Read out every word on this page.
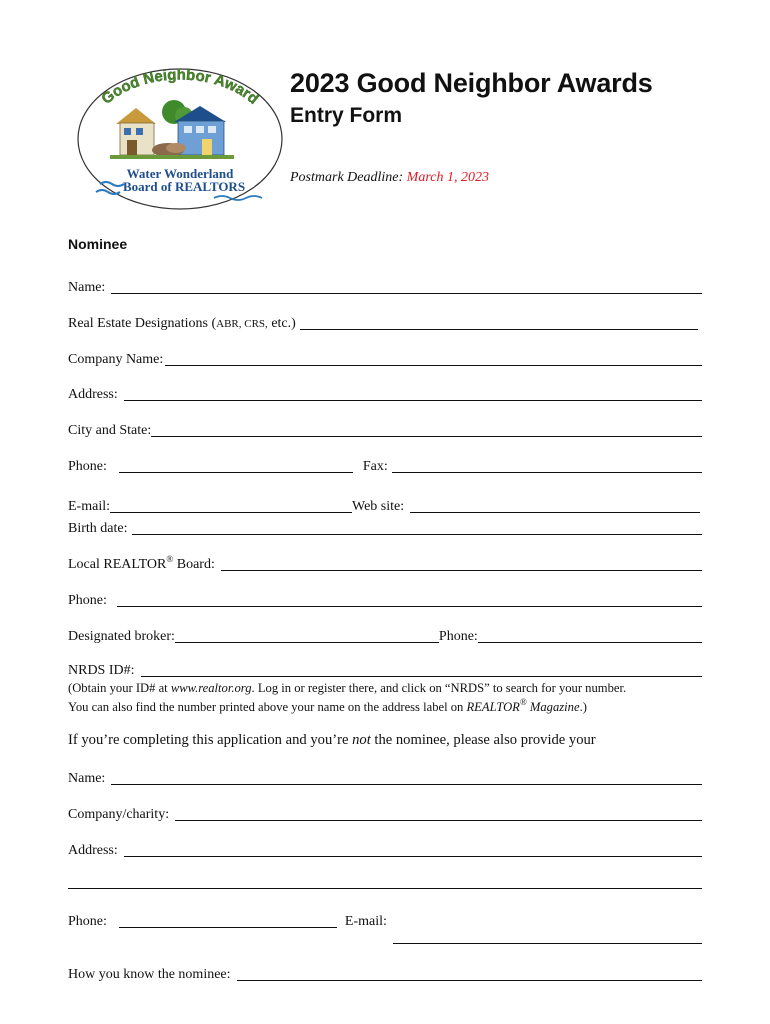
Good Neighbor Award
Water Wonderland
Board of REALTORS
2023 Good Neighbor Awards
Entry Form
Postmark Deadline: March 1, 2023
Nominee
Name:
Real Estate Designations (ABR, CRS, etc.)
Company Name:
Address:
City and State:
Phone:	Fax:
E-mail:	Web site:
Birth date:
Local REALTOR® Board:
Phone:
Designated broker:	Phone:
NRDS ID#:
(Obtain your ID# at www.realtor.org. Log in or register there, and click on “NRDS” to search for your number.
You can also find the number printed above your name on the address label on REALTOR® Magazine.)
If you’re completing this application and you’re not the nominee, please also provide your
Name:
Company/charity:
Address:
Phone:	E-mail:
How you know the nominee:
